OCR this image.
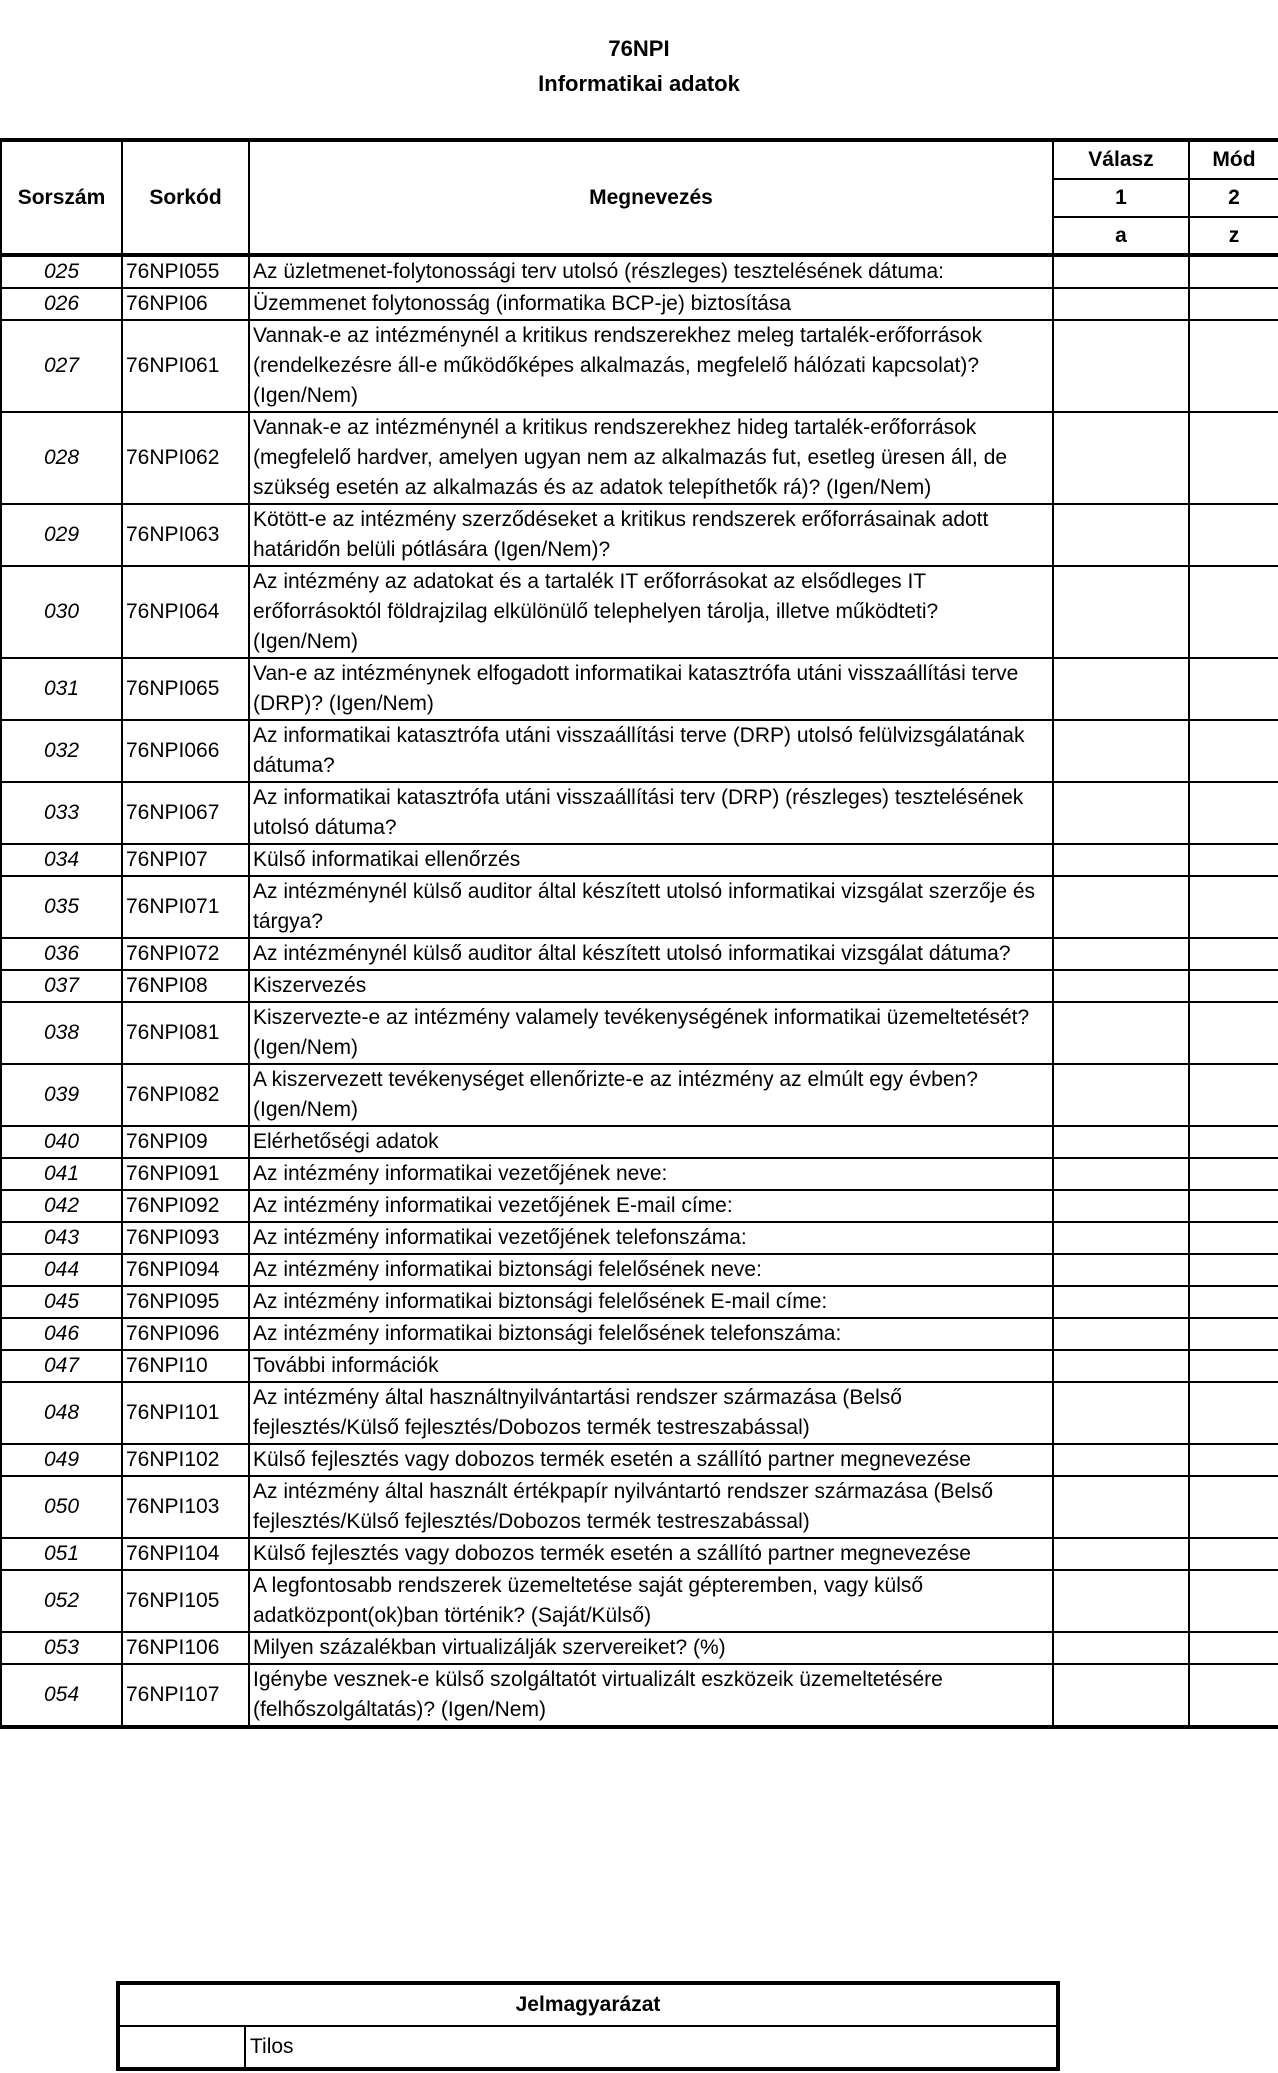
76NPI
Informatikai adatok
Sorszám	Sorkód	Megnevezés	Válasz	Mód
			1	2
			a	z
025	76NPI055	Az üzletmenet-folytonossági terv utolsó (részleges) tesztelésének dátuma:		
026	76NPI06	Üzemmenet folytonosság (informatika BCP-je) biztosítása		
027	76NPI061	Vannak-e az intézménynél a kritikus rendszerekhez meleg tartalék-erőforrások (rendelkezésre áll-e működőképes alkalmazás, megfelelő hálózati kapcsolat)? (Igen/Nem)		
028	76NPI062	Vannak-e az intézménynél a kritikus rendszerekhez hideg tartalék-erőforrások (megfelelő hardver, amelyen ugyan nem az alkalmazás fut, esetleg üresen áll, de szükség esetén az alkalmazás és az adatok telepíthetők rá)? (Igen/Nem)		
029	76NPI063	Kötött-e az intézmény szerződéseket a kritikus rendszerek erőforrásainak adott határidőn belüli pótlására (Igen/Nem)?		
030	76NPI064	Az intézmény az adatokat és a tartalék IT erőforrásokat az elsődleges IT erőforrásoktól földrajzilag elkülönülő telephelyen tárolja, illetve működteti? (Igen/Nem)		
031	76NPI065	Van-e az intézménynek elfogadott informatikai katasztrófa utáni visszaállítási terve (DRP)? (Igen/Nem)		
032	76NPI066	Az informatikai katasztrófa utáni visszaállítási terve (DRP) utolsó felülvizsgálatának dátuma?		
033	76NPI067	Az informatikai katasztrófa utáni visszaállítási terv (DRP) (részleges) tesztelésének utolsó dátuma?		
034	76NPI07	Külső informatikai ellenőrzés		
035	76NPI071	Az intézménynél külső auditor által készített utolsó informatikai vizsgálat szerzője és tárgya?		
036	76NPI072	Az intézménynél külső auditor által készített utolsó informatikai vizsgálat dátuma?		
037	76NPI08	Kiszervezés		
038	76NPI081	Kiszervezte-e az intézmény valamely tevékenységének informatikai üzemeltetését? (Igen/Nem)		
039	76NPI082	A kiszervezett tevékenységet ellenőrizte-e az intézmény az elmúlt egy évben? (Igen/Nem)		
040	76NPI09	Elérhetőségi adatok		
041	76NPI091	Az intézmény informatikai vezetőjének neve:		
042	76NPI092	Az intézmény informatikai vezetőjének E-mail címe:		
043	76NPI093	Az intézmény informatikai vezetőjének telefonszáma:		
044	76NPI094	Az intézmény informatikai biztonsági felelősének neve:		
045	76NPI095	Az intézmény informatikai biztonsági felelősének E-mail címe:		
046	76NPI096	Az intézmény informatikai biztonsági felelősének telefonszáma:		
047	76NPI10	További információk		
048	76NPI101	Az intézmény által használtnyilvántartási rendszer származása (Belső fejlesztés/Külső fejlesztés/Dobozos termék testreszabással)		
049	76NPI102	Külső fejlesztés vagy dobozos termék esetén a szállító partner megnevezése		
050	76NPI103	Az intézmény által használt értékpapír nyilvántartó rendszer származása (Belső fejlesztés/Külső fejlesztés/Dobozos termék testreszabással)		
051	76NPI104	Külső fejlesztés vagy dobozos termék esetén a szállító partner megnevezése		
052	76NPI105	A legfontosabb rendszerek üzemeltetése saját gépteremben, vagy külső adatközpont(ok)ban történik? (Saját/Külső)		
053	76NPI106	Milyen százalékban virtualizálják szervereiket? (%)		
054	76NPI107	Igénybe vesznek-e külső szolgáltatót virtualizált eszközeik üzemeltetésére (felhőszolgáltatás)? (Igen/Nem)		
Jelmagyarázat
	Tilos
